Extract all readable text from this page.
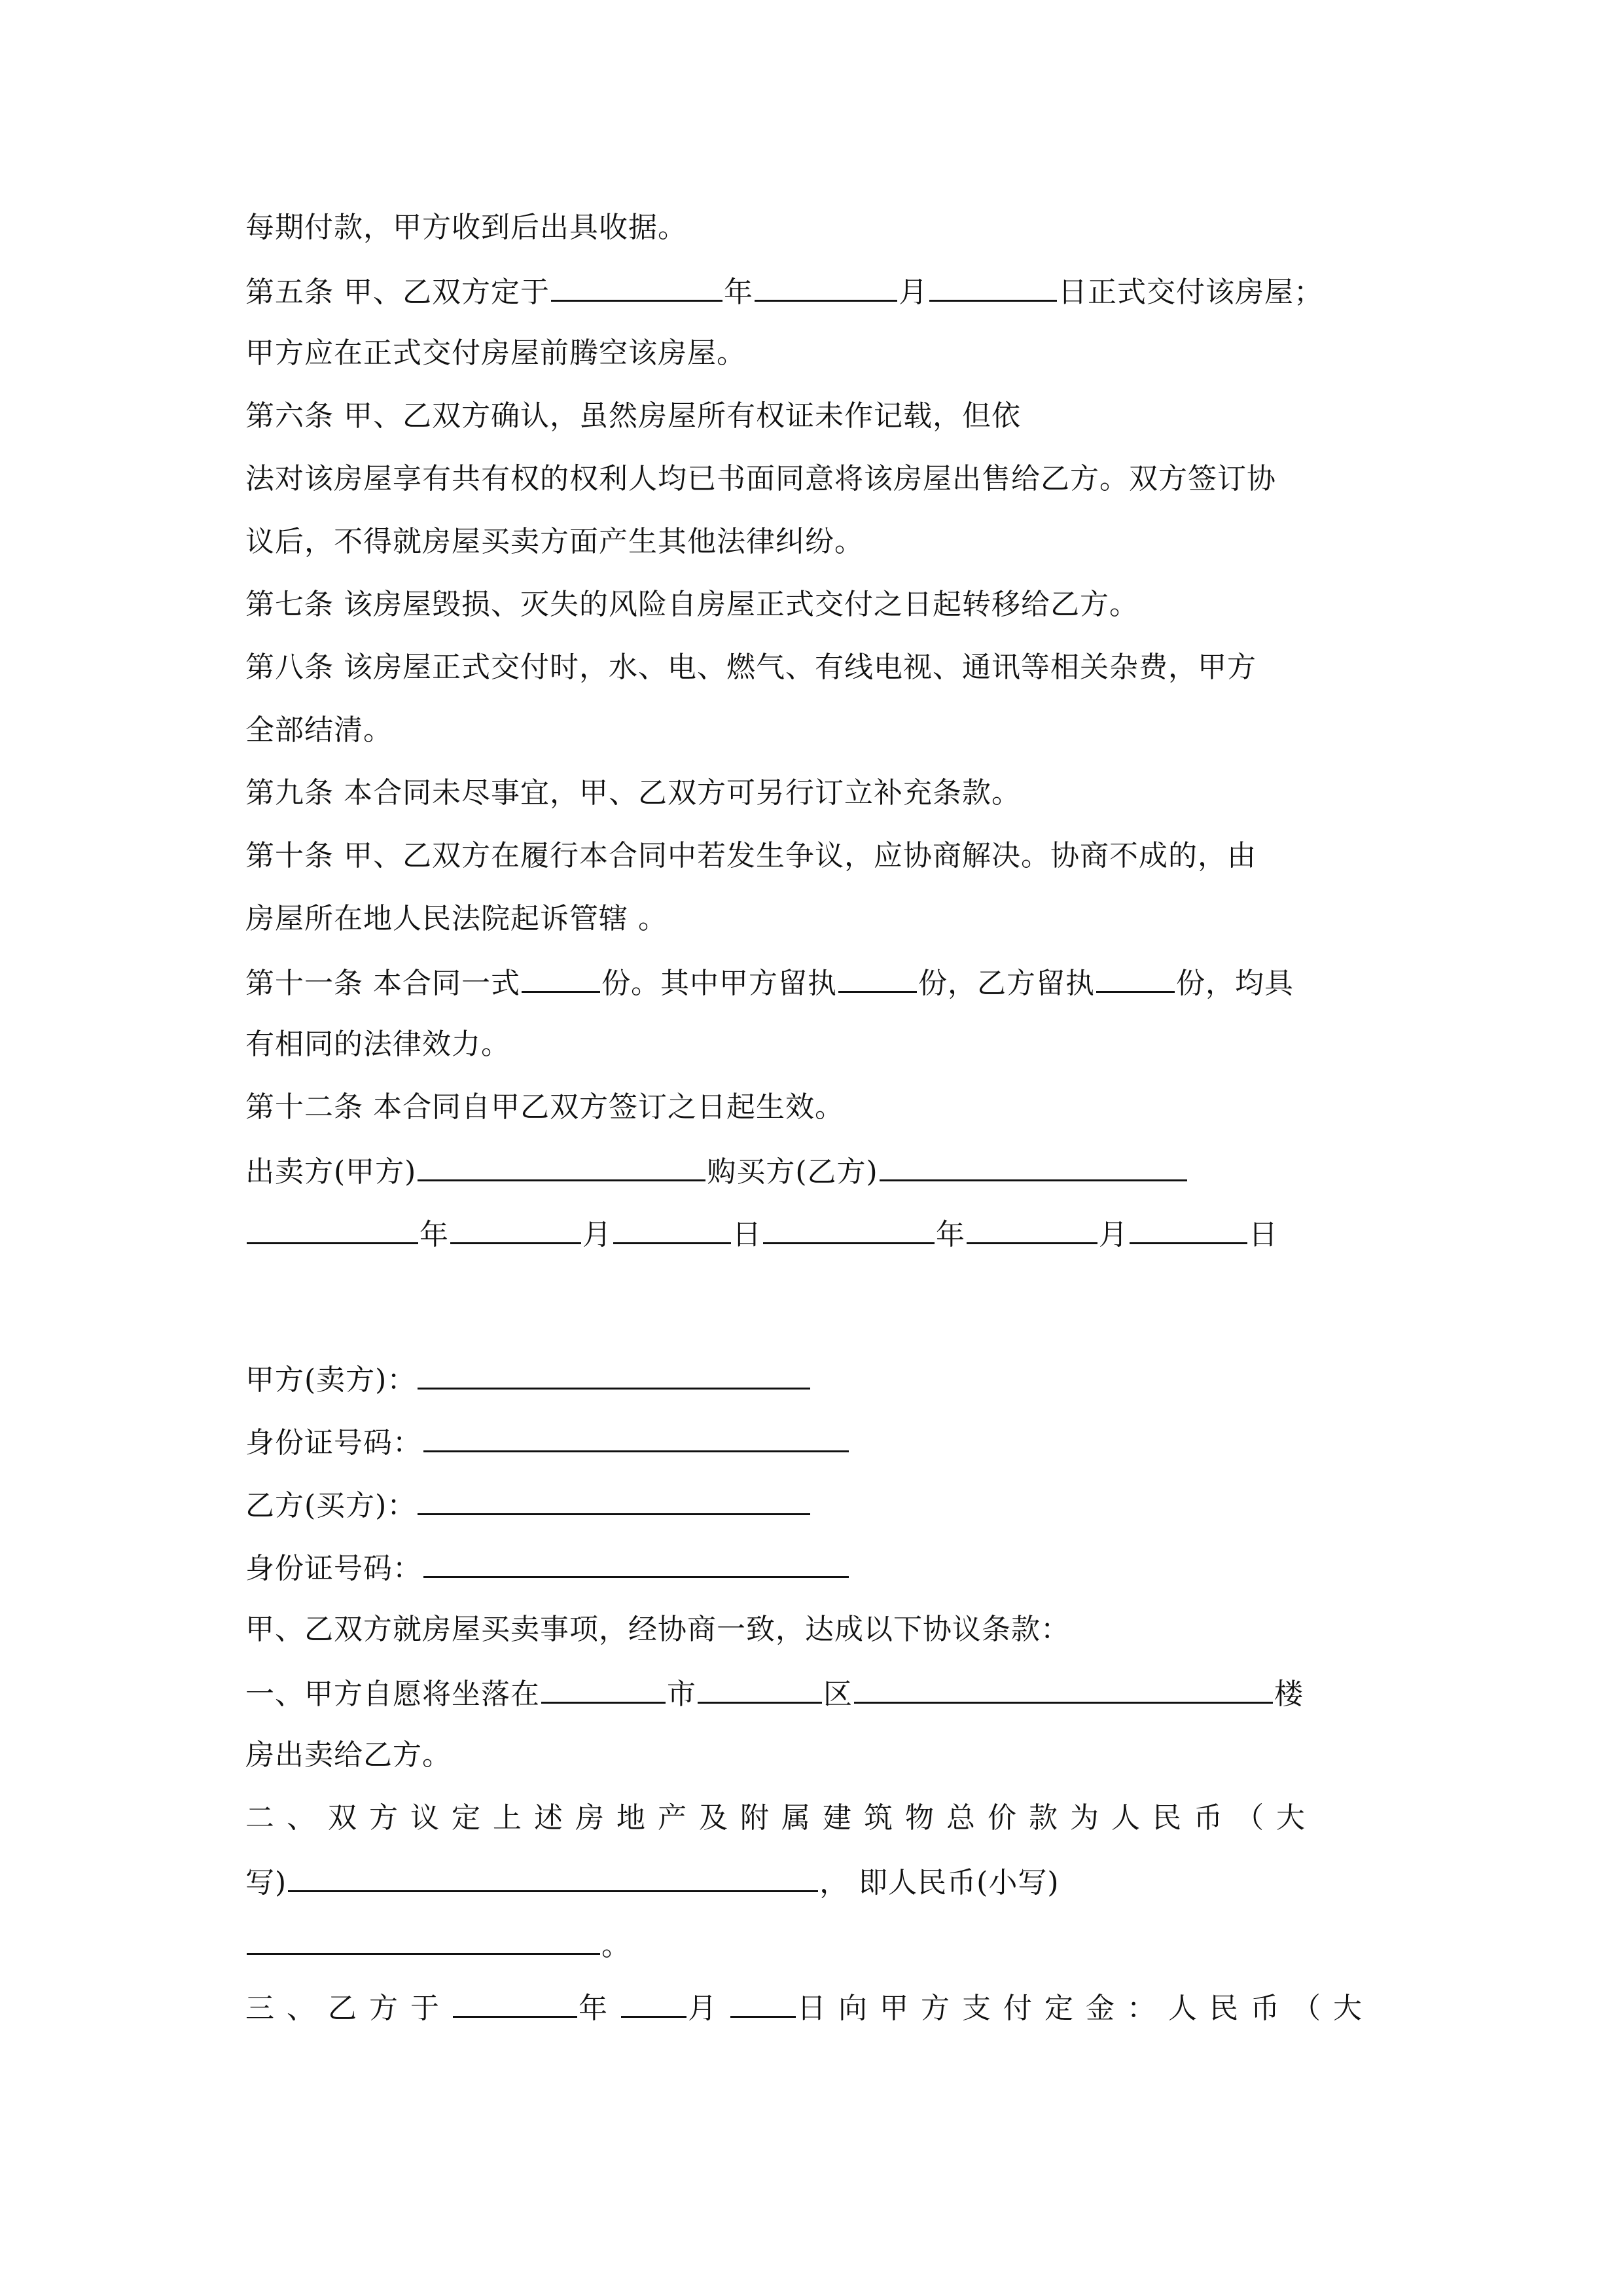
每期付款，甲方收到后出具收据。
第五条 甲、乙双方定于	年	月	日正式交付该房屋；
甲方应在正式交付房屋前腾空该房屋。
第六条 甲、乙双方确认，虽然房屋所有权证未作记载，但依
法对该房屋享有共有权的权利人均已书面同意将该房屋出售给乙方。双方签订协
议后，不得就房屋买卖方面产生其他法律纠纷。
第七条 该房屋毁损、灭失的风险自房屋正式交付之日起转移给乙方。
第八条 该房屋正式交付时，水、电、燃气、有线电视、通讯等相关杂费，甲方
全部结清。
第九条 本合同未尽事宜，甲、乙双方可另行订立补充条款。
第十条 甲、乙双方在履行本合同中若发生争议，应协商解决。协商不成的，由
房屋所在地人民法院起诉管辖 。
第十一条 本合同一式	份。其中甲方留执	份，乙方留执	份，均具
有相同的法律效力。
第十二条 本合同自甲乙双方签订之日起生效。
出卖方(甲方)	购买方(乙方)
年	月	日	年	月	日
甲方(卖方)：
身份证号码：
乙方(买方)：
身份证号码：
甲、乙双方就房屋买卖事项，经协商一致，达成以下协议条款：
一、甲方自愿将坐落在	市	区	楼
房出卖给乙方。
二、双方议定上述房地产及附属建筑物总价款为人民币（大
写)	， 即人民币(小写)
。
三、乙方于	年 月 日向甲方支付定金：人民币（大
